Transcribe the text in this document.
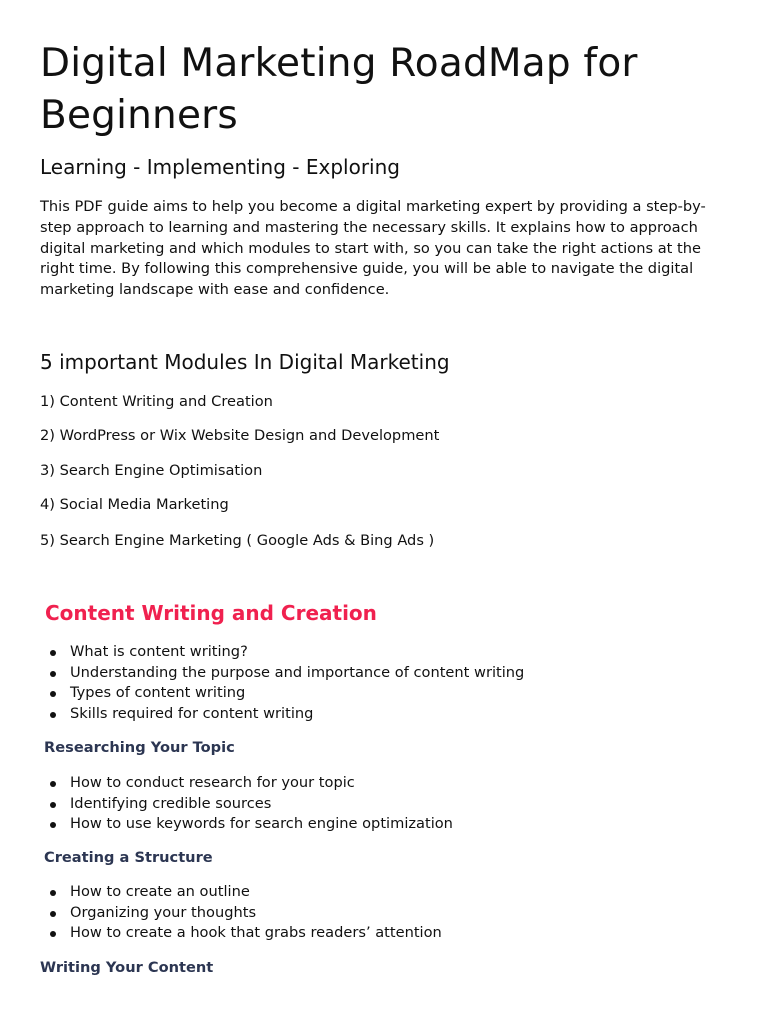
Digital Marketing RoadMap for Beginners
Learning - Implementing - Exploring

This PDF guide aims to help you become a digital marketing expert by providing a step-by-step approach to learning and mastering the necessary skills. It explains how to approach digital marketing and which modules to start with, so you can take the right actions at the right time. By following this comprehensive guide, you will be able to navigate the digital marketing landscape with ease and confidence.

5 important Modules In Digital Marketing

1) Content Writing and Creation

2) WordPress or Wix Website Design and Development

3) Search Engine Optimisation

4) Social Media Marketing

5) Search Engine Marketing ( Google Ads & Bing Ads )

Content Writing and Creation
What is content writing?
Understanding the purpose and importance of content writing
Types of content writing
Skills required for content writing
Researching Your Topic
How to conduct research for your topic
Identifying credible sources
How to use keywords for search engine optimization
Creating a Structure
How to create an outline
Organizing your thoughts
How to create a hook that grabs readers’ attention
Writing Your Content
